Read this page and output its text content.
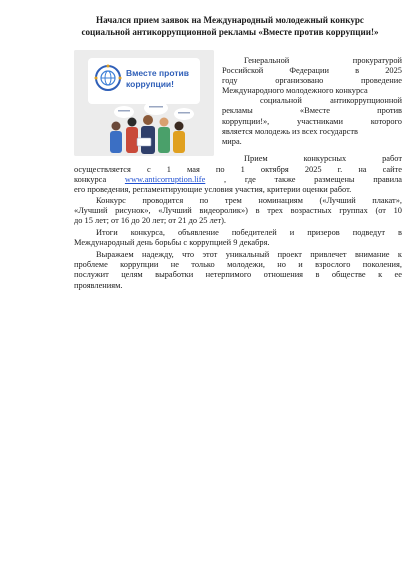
Начался прием заявок на Международный молодежный конкурс
социальной антикоррупционной рекламы «Вместе против коррупции!»
Вместе против
коррупции!
Генеральной прокуратурой
Российской Федерации в 2025
году организовано проведение
Международного молодежного конкурса
социальной антикоррупционной
рекламы «Вместе против
коррупции!», участниками которого
является молодежь из всех государств
мира.
Прием конкурсных работ
осуществляется с 1 мая по 1 октября 2025 г. на сайте
конкурса www.anticorruption.life , где также размещены правила
его проведения, регламентирующие условия участия, критерии оценки работ.
Конкурс проводится по трем номинациям («Лучший плакат»,
«Лучший рисунок», «Лучший видеоролик») в трех возрастных группах (от 10
до 15 лет; от 16 до 20 лет; от 21 до 25 лет).
Итоги конкурса, объявление победителей и призеров подведут в
Международный день борьбы с коррупцией 9 декабря.
Выражаем надежду, что этот уникальный проект привлечет внимание к
проблеме коррупции не только молодежи, но и взрослого поколения,
послужит целям выработки нетерпимого отношения в обществе к ее
проявлениям.
